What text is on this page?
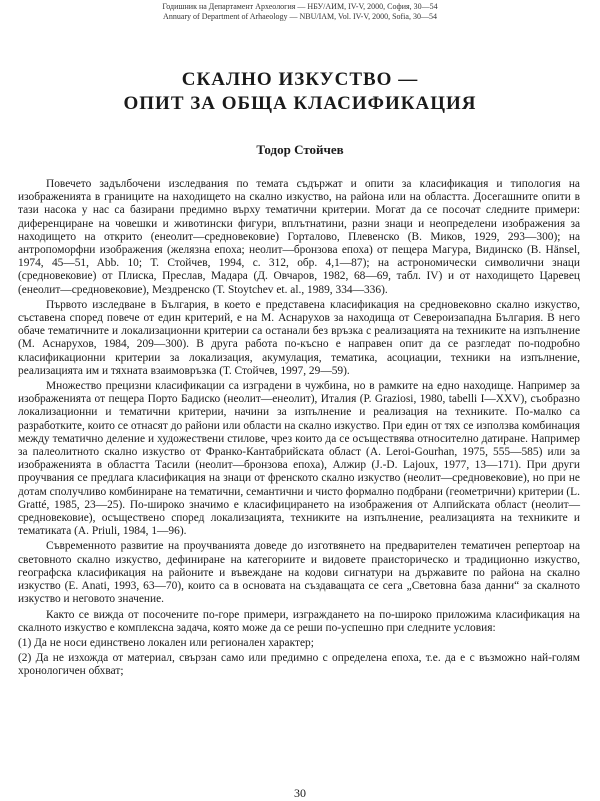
Годишник на Департамент Археология — НБУ/АИМ, IV-V, 2000, София, 30—54
Annuary of Department of Arhaeology — NBU/IAM, Vol. IV-V, 2000, Sofia, 30—54
СКАЛНО ИЗКУСТВО —
ОПИТ ЗА ОБЩА КЛАСИФИКАЦИЯ
Тодор Стойчев

Повечето задълбочени изследвания по темата съдържат и опити за класификация и типология на изображенията в границите на находището на скално изкуство, на района или на областта. Досегашните опити в тази насока у нас са базирани предимно върху тематични критерии. Могат да се посочат следните примери: диференциране на човешки и животински фигури, вплътнатини, разни знаци и неопределени изображения за находището на открито (енеолит—средновековие) Горталово, Плевенско (В. Миков, 1929, 293—300); на антропоморфни изображения (желязна епоха; неолит—бронзова епоха) от пещера Магура, Видинско (В. Hänsel, 1974, 45—51, Abb. 10; Т. Стойчев, 1994, с. 312, обр. 4,1—87); на астрономически символични знаци (средновековие) от Плиска, Преслав, Мадара (Д. Овчаров, 1982, 68—69, табл. IV) и от находището Царевец (енеолит—средновековие), Мездренско (Т. Stoytchev et. al., 1989, 334—336).

Първото изследване в България, в което е представена класификация на средновековно скално изкуство, съставена според повече от един критерий, е на М. Аснарухов за находища от Североизападна България. В него обаче тематичните и локализационни критерии са останали без връзка с реализацията на техниките на изпълнение (М. Аснарухов, 1984, 209—300). В друга работа по-късно е направен опит да се разгледат по-подробно класификационни критерии за локализация, акумулация, тематика, асоциации, техники на изпълнение, реализацията им и тяхната взаимовръзка (Т. Стойчев, 1997, 29—59).

Множество прецизни класификации са изградени в чужбина, но в рамките на едно находище. Например за изображенията от пещера Порто Бадиско (неолит—енеолит), Италия (P. Graziosi, 1980, tabelli I—XXV), съобразно локализационни и тематични критерии, начини за изпълнение и реализация на техниките. По-малко са разработките, които се отнасят до райони или области на скално изкуство. При един от тях се използва комбинация между тематично деление и художествени стилове, чрез които да се осъществява относително датиране. Например за палеолитното скално изкуство от Франко-Кантабрийската област (A. Leroi-Gourhan, 1975, 555—585) или за изображенията в областта Тасили (неолит—бронзова епоха), Алжир (J.-D. Lajoux, 1977, 13—171). При други проучвания се предлага класификация на знаци от френското скално изкуство (неолит—средновековие), но при не дотам сполучливо комбиниране на тематични, семантични и чисто формално подбрани (геометрични) критерии (L. Gratté, 1985, 23—25). По-широко значимо е класифицирането на изображения от Алпийската област (неолит—средновековие), осъществено според локализацията, техниките на изпълнение, реализацията на техниките и тематиката (A. Priuli, 1984, 1—96).

Съвременното развитие на проучванията доведе до изготвянето на предварителен тематичен репертоар на световното скално изкуство, дефиниране на категориите и видовете праисторическо и традиционно изкуство, географска класификация на районите и въвеждане на кодови сигнатури на държавите по района на скално изкуство (E. Anati, 1993, 63—70), които са в основата на създаващата се сега „Световна база данни“ за скалното изкуство и неговото значение.

Както се вижда от посочените по-горе примери, изграждането на по-широко приложима класификация на скалното изкуство е комплексна задача, която може да се реши по-успешно при следните условия:

(1) Да не носи единствено локален или регионален характер;

(2) Да не изхожда от материал, свързан само или предимно с определена епоха, т.е. да е с възможно най-голям хронологичен обхват;

30
